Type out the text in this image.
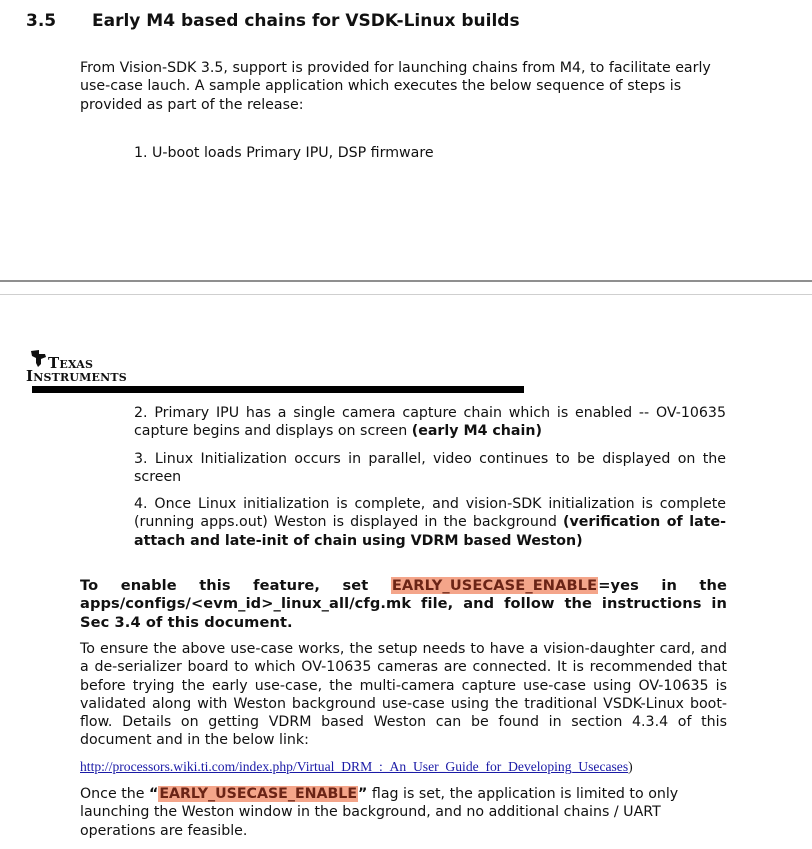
3.5 Early M4 based chains for VSDK-Linux builds
From Vision-SDK 3.5, support is provided for launching chains from M4, to facilitate early use-case lauch. A sample application which executes the below sequence of steps is provided as part of the release:
1. U-boot loads Primary IPU, DSP firmware
Texas
Instruments
2. Primary IPU has a single camera capture chain which is enabled -- OV-10635 capture begins and displays on screen (early M4 chain)
3. Linux Initialization occurs in parallel, video continues to be displayed on the screen
4. Once Linux initialization is complete, and vision-SDK initialization is complete (running apps.out) Weston is displayed in the background (verification of late-attach and late-init of chain using VDRM based Weston)
To enable this feature, set EARLY_USECASE_ENABLE=yes in the apps/configs/<evm_id>_linux_all/cfg.mk file, and follow the instructions in Sec 3.4 of this document.
To ensure the above use-case works, the setup needs to have a vision-daughter card, and a de-serializer board to which OV-10635 cameras are connected. It is recommended that before trying the early use-case, the multi-camera capture use-case using OV-10635 is validated along with Weston background use-case using the traditional VSDK-Linux boot-flow. Details on getting VDRM based Weston can be found in section 4.3.4 of this document and in the below link:
http://processors.wiki.ti.com/index.php/Virtual_DRM_:_An_User_Guide_for_Developing_Usecases)
Once the “EARLY_USECASE_ENABLE” flag is set, the application is limited to only launching the Weston window in the background, and no additional chains / UART operations are feasible.
